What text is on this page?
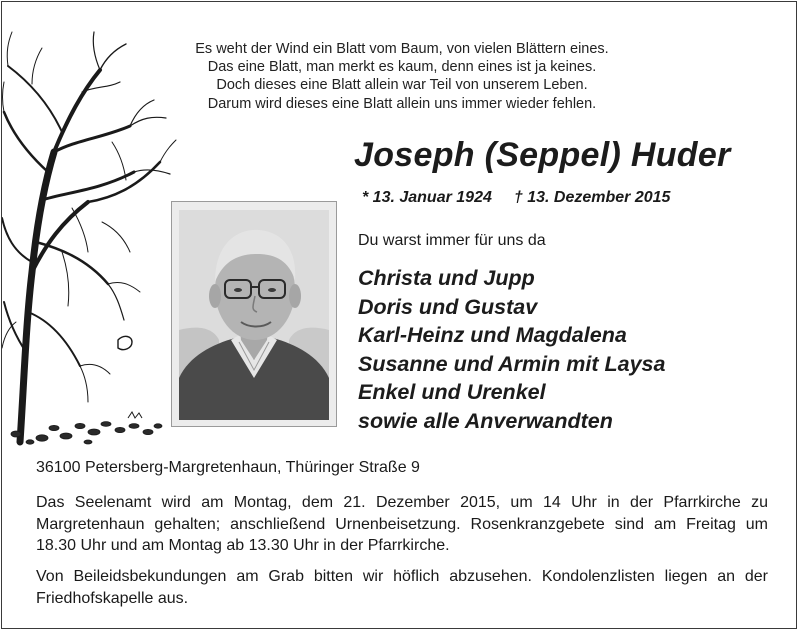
Es weht der Wind ein Blatt vom Baum, von vielen Blättern eines.
Das eine Blatt, man merkt es kaum, denn eines ist ja keines.
Doch dieses eine Blatt allein war Teil von unserem Leben.
Darum wird dieses eine Blatt allein uns immer wieder fehlen.
Joseph (Seppel) Huder
* 13. Januar 1924 † 13. Dezember 2015
Du warst immer für uns da
Christa und Jupp
Doris und Gustav
Karl-Heinz und Magdalena
Susanne und Armin mit Laysa
Enkel und Urenkel
sowie alle Anverwandten
36100 Petersberg-Margretenhaun, Thüringer Straße 9
Das Seelenamt wird am Montag, dem 21. Dezember 2015, um 14 Uhr in der Pfarrkirche zu Margretenhaun gehalten; anschließend Urnenbeisetzung. Rosenkranzgebete sind am Freitag um 18.30 Uhr und am Montag ab 13.30 Uhr in der Pfarrkirche.
Von Beileidsbekundungen am Grab bitten wir höflich abzusehen. Kondolenzlisten liegen an der Friedhofskapelle aus.
